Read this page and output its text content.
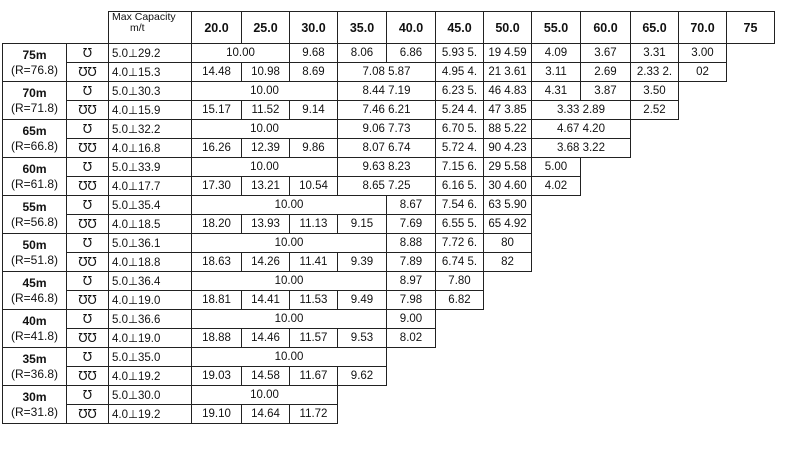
		Max Capacity
m/t	20.0	25.0	30.0	35.0	40.0	45.0	50.0	55.0	60.0	65.0	70.0	75
75m
(R=76.8)	Ʊ	5.0⊥29.2	10.00		9.68	8.06	6.86	5.93 5.	19 4.59	4.09	3.67	3.31	3.00	
	ƱƱ	4.0⊥15.3	14.48	10.98	8.69	7.08 5.87		4.95 4.	21 3.61	3.11	2.69	2.33 2.	02	
70m
(R=71.8)	Ʊ	5.0⊥30.3	10.00			8.44 7.19		6.23 5.	46 4.83	4.31	3.87	3.50		
	ƱƱ	4.0⊥15.9	15.17	11.52	9.14	7.46 6.21		5.24 4.	47 3.85	3.33 2.89		2.52		
65m
(R=66.8)	Ʊ	5.0⊥32.2	10.00			9.06 7.73		6.70 5.	88 5.22	4.67 4.20				
	ƱƱ	4.0⊥16.8	16.26	12.39	9.86	8.07 6.74		5.72 4.	90 4.23	3.68 3.22				
60m
(R=61.8)	Ʊ	5.0⊥33.9	10.00			9.63 8.23		7.15 6.	29 5.58	5.00				
	ƱƱ	4.0⊥17.7	17.30	13.21	10.54	8.65 7.25		6.16 5.	30 4.60	4.02				
55m
(R=56.8)	Ʊ	5.0⊥35.4	10.00				8.67	7.54 6.	63 5.90					
	ƱƱ	4.0⊥18.5	18.20	13.93	11.13	9.15	7.69	6.55 5.	65 4.92					
50m
(R=51.8)	Ʊ	5.0⊥36.1	10.00				8.88	7.72 6.	80					
	ƱƱ	4.0⊥18.8	18.63	14.26	11.41	9.39	7.89	6.74 5.	82					
45m
(R=46.8)	Ʊ	5.0⊥36.4	10.00				8.97	7.80						
	ƱƱ	4.0⊥19.0	18.81	14.41	11.53	9.49	7.98	6.82						
40m
(R=41.8)	Ʊ	5.0⊥36.6	10.00				9.00							
	ƱƱ	4.0⊥19.0	18.88	14.46	11.57	9.53	8.02							
35m
(R=36.8)	Ʊ	5.0⊥35.0	10.00											
	ƱƱ	4.0⊥19.2	19.03	14.58	11.67	9.62								
30m
(R=31.8)	Ʊ	5.0⊥30.0	10.00											
	ƱƱ	4.0⊥19.2	19.10	14.64	11.72									
